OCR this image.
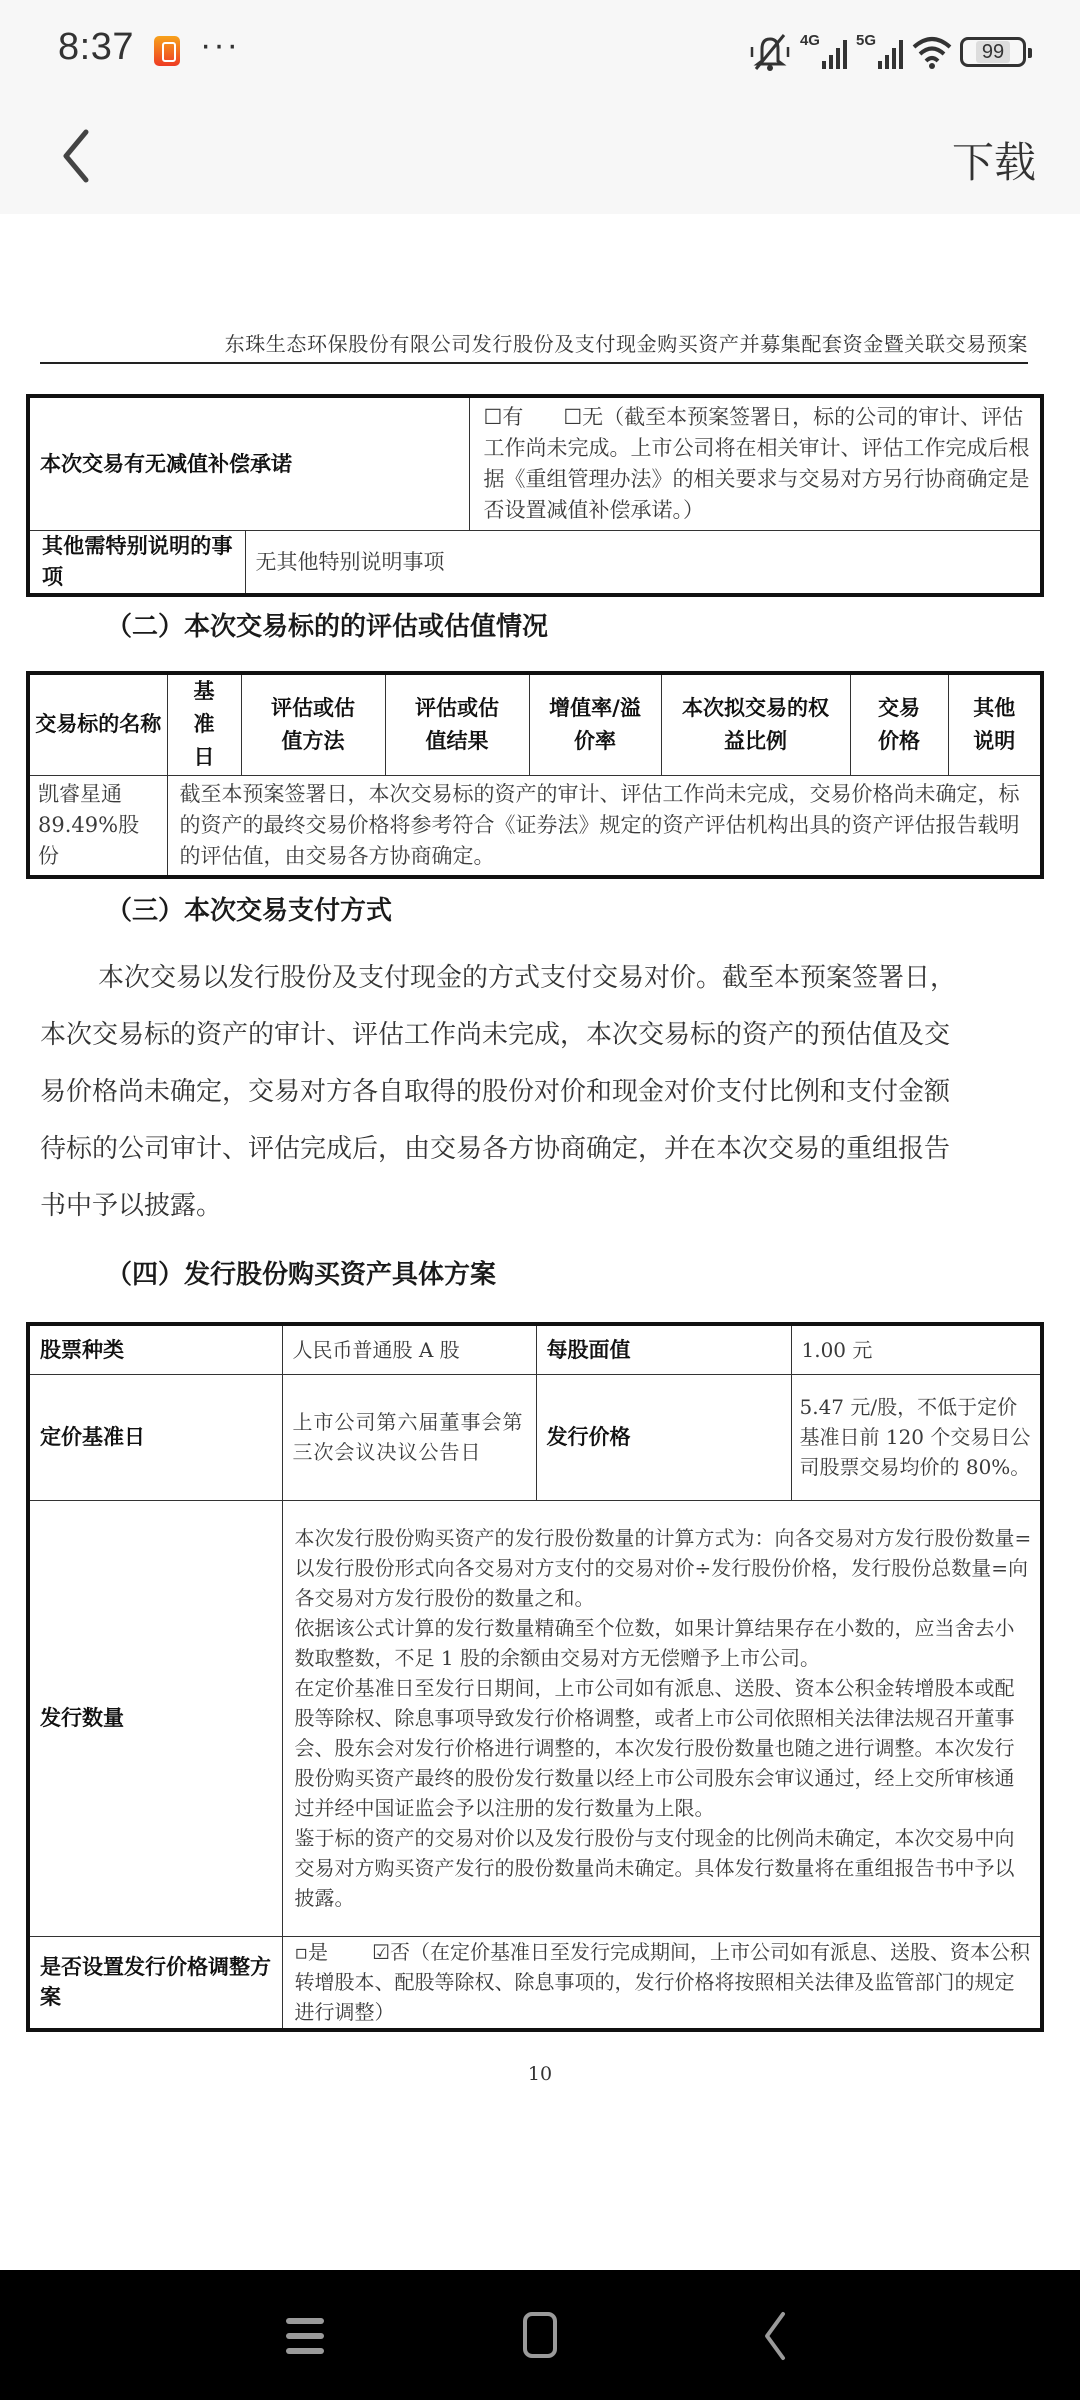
8:37 ···	4G 5G
99
下载
东珠生态环保股份有限公司发行股份及支付现金购买资产并募集配套资金暨关联交易预案
本次交易有无减值补偿承诺		☐有 ☐无（截至本预案签署日，标的公司的审计、评估工作尚未完成。上市公司将在相关审计、评估工作完成后根据《重组管理办法》的相关要求与交易对方另行协商确定是否设置减值补偿承诺。）
其他需特别说明的事项	无其他特别说明事项	
（二）本次交易标的的评估或估值情况
交易标的名称	基准日	评估或估值方法	评估或估值结果	增值率/溢价率	本次拟交易的权益比例	交易价格	其他说明
凯睿星通89.49%股份	截至本预案签署日，本次交易标的资产的审计、评估工作尚未完成，交易价格尚未确定，标的资产的最终交易价格将参考符合《证券法》规定的资产评估机构出具的资产评估报告载明的评估值，由交易各方协商确定。						
（三）本次交易支付方式
本次交易以发行股份及支付现金的方式支付交易对价。截至本预案签署日，
本次交易标的资产的审计、评估工作尚未完成，本次交易标的资产的预估值及交
易价格尚未确定，交易对方各自取得的股份对价和现金对价支付比例和支付金额
待标的公司审计、评估完成后，由交易各方协商确定，并在本次交易的重组报告
书中予以披露。
（四）发行股份购买资产具体方案
股票种类	人民币普通股 A 股	每股面值	1.00 元
定价基准日	上市公司第六届董事会第三次会议决议公告日	发行价格	5.47 元/股，不低于定价基准日前 120 个交易日公司股票交易均价的 80%。
发行数量	本次发行股份购买资产的发行股份数量的计算方式为：向各交易对方发行股份数量=以发行股份形式向各交易对方支付的交易对价÷发行股份价格，发行股份总数量=向各交易对方发行股份的数量之和。
依据该公式计算的发行数量精确至个位数，如果计算结果存在小数的，应当舍去小数取整数，不足 1 股的余额由交易对方无偿赠予上市公司。
在定价基准日至发行日期间，上市公司如有派息、送股、资本公积金转增股本或配股等除权、除息事项导致发行价格调整，或者上市公司依照相关法律法规召开董事会、股东会对发行价格进行调整的，本次发行股份数量也随之进行调整。本次发行股份购买资产最终的股份发行数量以经上市公司股东会审议通过，经上交所审核通过并经中国证监会予以注册的发行数量为上限。
鉴于标的资产的交易对价以及发行股份与支付现金的比例尚未确定，本次交易中向交易对方购买资产发行的股份数量尚未确定。具体发行数量将在重组报告书中予以披露。		

是否设置发行价格调整方案	▫是 ☑否（在定价基准日至发行完成期间，上市公司如有派息、送股、资本公积转增股本、配股等除权、除息事项的，发行价格将按照相关法律及监管部门的规定进行调整）		
10
